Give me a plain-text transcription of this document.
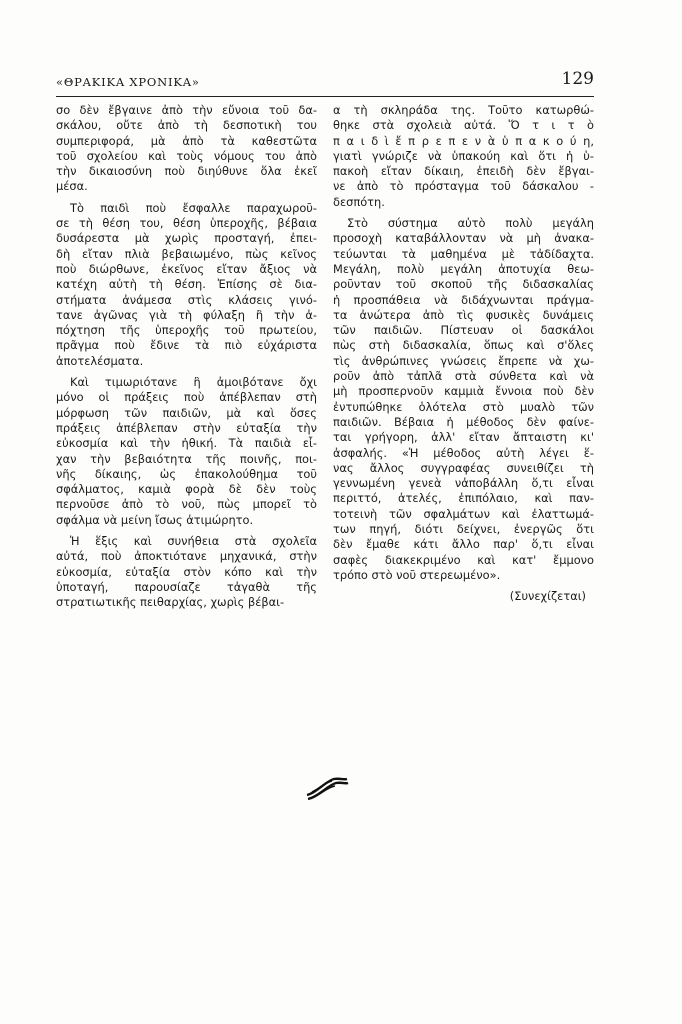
«ΘΡΑΚΙΚΑ ΧΡΟΝΙΚΑ»	129

σο δὲν ἔβγαινε ἀπὸ τὴν εὔνοια τοῦ δα-
σκάλου, οὔτε ἀπὸ τὴ δεσποτικὴ του
συμπεριφορά, μὰ ἀπὸ τὰ καθεστῶτα
τοῦ σχολείου καὶ τοὺς νόμους του ἀπὸ
τὴν δικαιοσύνη ποὺ διηύθυνε ὅλα ἐκεῖ
μέσα.

Τὸ παιδὶ ποὺ ἔσφαλλε παραχωροῦ-
σε τὴ θέση του, θέση ὑπεροχῆς, βέβαια
δυσάρεστα μὰ χωρὶς προσταγή, ἐπει-
δὴ εἴταν πλιὰ βεβαιωμένο, πὼς κεῖνος
ποὺ διώρθωνε, ἐκεῖνος εἴταν ἄξιος νὰ
κατέχη αὐτὴ τὴ θέση. Ἐπίσης σὲ δια-
στήματα ἀνάμεσα στὶς κλάσεις γινό-
τανε ἀγῶνας γιὰ τὴ φύλαξη ἢ τὴν ἀ-
πόχτηση τῆς ὑπεροχῆς τοῦ πρωτείου,
πρᾶγμα ποὺ ἔδινε τὰ πιὸ εὐχάριστα
ἀποτελέσματα.

Καὶ τιμωριότανε ἢ ἀμοιβότανε ὄχι
μόνο οἱ πράξεις ποὺ ἀπέβλεπαν στὴ
μόρφωση τῶν παιδιῶν, μὰ καὶ ὅσες
πράξεις ἀπέβλεπαν στὴν εὐταξία τὴν
εὐκοσμία καὶ τὴν ἠθική. Τὰ παιδιὰ εἶ-
χαν τὴν βεβαιότητα τῆς ποινῆς, ποι-
νῆς δίκαιης, ὡς ἐπακολούθημα τοῦ
σφάλματος, καμιὰ φορὰ δὲ δὲν τοὺς
περνοῦσε ἀπὸ τὸ νοῦ, πὼς μπορεῖ τὸ
σφάλμα νὰ μείνη ἴσως ἀτιμώρητο.

Ἡ ἕξις καὶ συνήθεια στὰ σχολεῖα
αὐτά, ποὺ ἀποκτιότανε μηχανικά, στὴν
εὐκοσμία, εὐταξία στὸν κόπο καὶ τὴν
ὑποταγή, παρουσίαζε τἀγαθὰ τῆς
στρατιωτικῆς πειθαρχίας, χωρὶς βέβαι-

α τὴ σκληράδα της. Τοῦτο κατωρθώ-
θηκε στὰ σχολειὰ αὐτά. Ὅ τ ι τ ὸ
π α ι δ ὶ ἔ π ρ ε π ε ν ὰ ὑ π α κ ο ύ η,
γιατὶ γνώριζε νὰ ὑπακούη καὶ ὅτι ἡ ὑ-
πακοὴ εἴταν δίκαιη, ἐπειδὴ δὲν ἔβγαι-
νε ἀπὸ τὸ πρόσταγμα τοῦ δάσκαλου -
δεσπότη.

Στὸ σύστημα αὐτὸ πολὺ μεγάλη
προσοχὴ καταβάλλονταν νὰ μὴ ἀνακα-
τεύωνται τὰ μαθημένα μὲ τἀδίδαχτα.
Μεγάλη, πολὺ μεγάλη ἀποτυχία θεω-
ροῦνταν τοῦ σκοποῦ τῆς διδασκαλίας
ἡ προσπάθεια νὰ διδάχνωνται πράγμα-
τα ἀνώτερα ἀπὸ τὶς φυσικὲς δυνάμεις
τῶν παιδιῶν. Πίστευαν οἱ δασκάλοι
πὼς στὴ διδασκαλία, ὅπως καὶ σ'ὅλες
τὶς ἀνθρώπινες γνώσεις ἔπρεπε νὰ χω-
ροῦν ἀπὸ τἀπλᾶ στὰ σύνθετα καὶ νὰ
μὴ προσπερνοῦν καμμιὰ ἔννοια ποὺ δὲν
ἐντυπώθηκε ὁλότελα στὸ μυαλὸ τῶν
παιδιῶν. Βέβαια ἡ μέθοδος δὲν φαίνε-
ται γρήγορη, ἀλλ' εἴταν ἄπταιστη κι'
ἀσφαλής. «Ἡ μέθοδος αὐτὴ λέγει ἕ-
νας ἄλλος συγγραφέας συνειθίζει τὴ
γεννωμένη γενεὰ νἀποβάλλη ὅ,τι εἶναι
περιττό, ἀτελές, ἐπιπόλαιο, καὶ παν-
τοτεινὴ τῶν σφαλμάτων καὶ ἐλαττωμά-
των πηγή, διότι δείχνει, ἐνεργῶς ὅτι
δὲν ἔμαθε κάτι ἄλλο παρ' ὅ,τι εἶναι
σαφὲς διακεκριμένο καὶ κατ' ἔμμονο
τρόπο στὸ νοῦ στερεωμένο».

(Συνεχίζεται)
